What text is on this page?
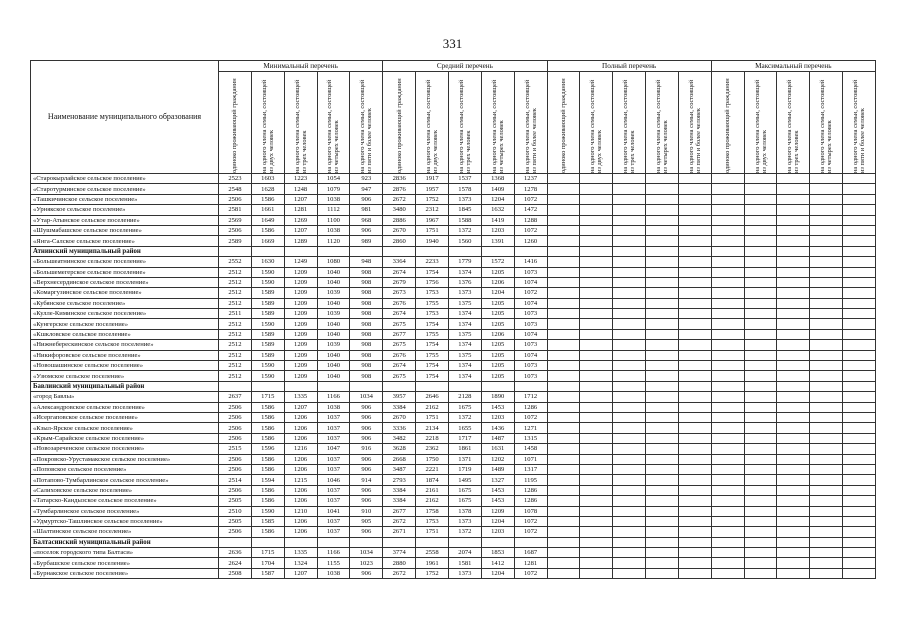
331
Наименование муниципального образования	Минимальный перечень					Средний перечень					Полный перечень					Максимальный перечень				

	одиноко проживающий гражданин	на одного члена семьи, состоящей из двух человек	на одного члена семьи, состоящей из трех человек	на одного члена семьи, состоящей из четырех человек	на одного члена семьи, состоящей из пяти и более человек	одиноко проживающий гражданин	на одного члена семьи, состоящей из двух человек	на одного члена семьи, состоящей из трех человек	на одного члена семьи, состоящей из четырех человек	на одного члена семьи, состоящей из пяти и более человек	одиноко проживающий гражданин	на одного члена семьи, состоящей из двух человек	на одного члена семьи, состоящей из трех человек	на одного члена семьи, состоящей из четырех человек	на одного члена семьи, состоящей из пяти и более человек	одиноко проживающий гражданин	на одного члена семьи, состоящей из двух человек	на одного члена семьи, состоящей из трех человек	на одного члена семьи, состоящей из четырех человек	на одного члена семьи, состоящей из пяти и более человек

«Старокырлайское сельское поселение»	2523	1603	1223	1054	923	2836	1917	1537	1368	1237										
«Старотурминское сельское поселение»	2548	1628	1248	1079	947	2876	1957	1578	1409	1278										
«Ташкичинское сельское поселение»	2506	1586	1207	1038	906	2672	1752	1373	1204	1072										
«Урнякское сельское поселение»	2581	1661	1281	1112	981	3480	2312	1845	1632	1472										
«Утар-Атынское сельское поселение»	2569	1649	1269	1100	968	2886	1967	1588	1419	1288										
«Шушмабашское сельское поселение»	2506	1586	1207	1038	906	2670	1751	1372	1203	1072										
«Янга-Салское сельское поселение»	2589	1669	1289	1120	989	2860	1940	1560	1391	1260										
Атнинский муниципальный район																				
«Большеатнинское сельское поселение»	2552	1630	1249	1080	948	3364	2233	1779	1572	1416										
«Большемегерское сельское поселение»	2512	1590	1209	1040	908	2674	1754	1374	1205	1073										
«Верхнесердинское сельское поселение»	2512	1590	1209	1040	908	2679	1756	1376	1206	1074										
«Комаргузинское сельское поселение»	2512	1589	1209	1039	908	2673	1753	1373	1204	1072										
«Кубянское сельское поселение»	2512	1589	1209	1040	908	2676	1755	1375	1205	1074										
«Кулле-Киминское сельское поселение»	2511	1589	1209	1039	908	2674	1753	1374	1205	1073										
«Кунгерское сельское поселение»	2512	1590	1209	1040	908	2675	1754	1374	1205	1073										
«Кшкловское сельское поселение»	2512	1589	1209	1040	908	2677	1755	1375	1206	1074										
«Нижнеберескинское сельское поселение»	2512	1589	1209	1039	908	2675	1754	1374	1205	1073										
«Никифоровское сельское поселение»	2512	1589	1209	1040	908	2676	1755	1375	1205	1074										
«Новошашинское сельское поселение»	2512	1590	1209	1040	908	2674	1754	1374	1205	1073										
«Узюмское сельское поселение»	2512	1590	1209	1040	908	2675	1754	1374	1205	1073										
Бавлинский муниципальный район																				
«город Бавлы»	2637	1715	1335	1166	1034	3957	2646	2128	1890	1712										
«Александровское сельское поселение»	2506	1586	1207	1038	906	3384	2162	1675	1453	1286										
«Исергаповское сельское поселение»	2506	1586	1206	1037	906	2670	1751	1372	1203	1072										
«Кзыл-Ярское сельское поселение»	2506	1586	1206	1037	906	3336	2134	1655	1436	1271										
«Крым-Сарайское сельское поселение»	2506	1586	1206	1037	906	3482	2218	1717	1487	1315										
«Новозареченское сельское поселение»	2515	1596	1216	1047	916	3628	2362	1861	1631	1458										
«Покровско-Урустамакское сельское поселение»	2506	1586	1206	1037	906	2668	1750	1371	1202	1071										
«Поповское сельское поселение»	2506	1586	1206	1037	906	3487	2221	1719	1489	1317										
«Потапово-Тумбарлинское сельское поселение»	2514	1594	1215	1046	914	2793	1874	1495	1327	1195										
«Салиховское сельское поселение»	2506	1586	1206	1037	906	3384	2161	1675	1453	1286										
«Татарско-Кандызское сельское поселение»	2505	1586	1206	1037	906	3384	2162	1675	1453	1286										
«Тумбарлинское сельское поселение»	2510	1590	1210	1041	910	2677	1758	1378	1209	1078										
«Удмуртско-Ташлинское сельское поселение»	2505	1585	1206	1037	905	2672	1753	1373	1204	1072										
«Шалтинское сельское поселение»	2506	1586	1206	1037	906	2671	1751	1372	1203	1072										
Балтасинский муниципальный район																				
«поселок городского типа Балтаси»	2636	1715	1335	1166	1034	3774	2558	2074	1853	1687										
«Бурбашское сельское поселение»	2624	1704	1324	1155	1023	2880	1961	1581	1412	1281										
«Бурнакское сельское поселение»	2508	1587	1207	1038	906	2672	1752	1373	1204	1072										
